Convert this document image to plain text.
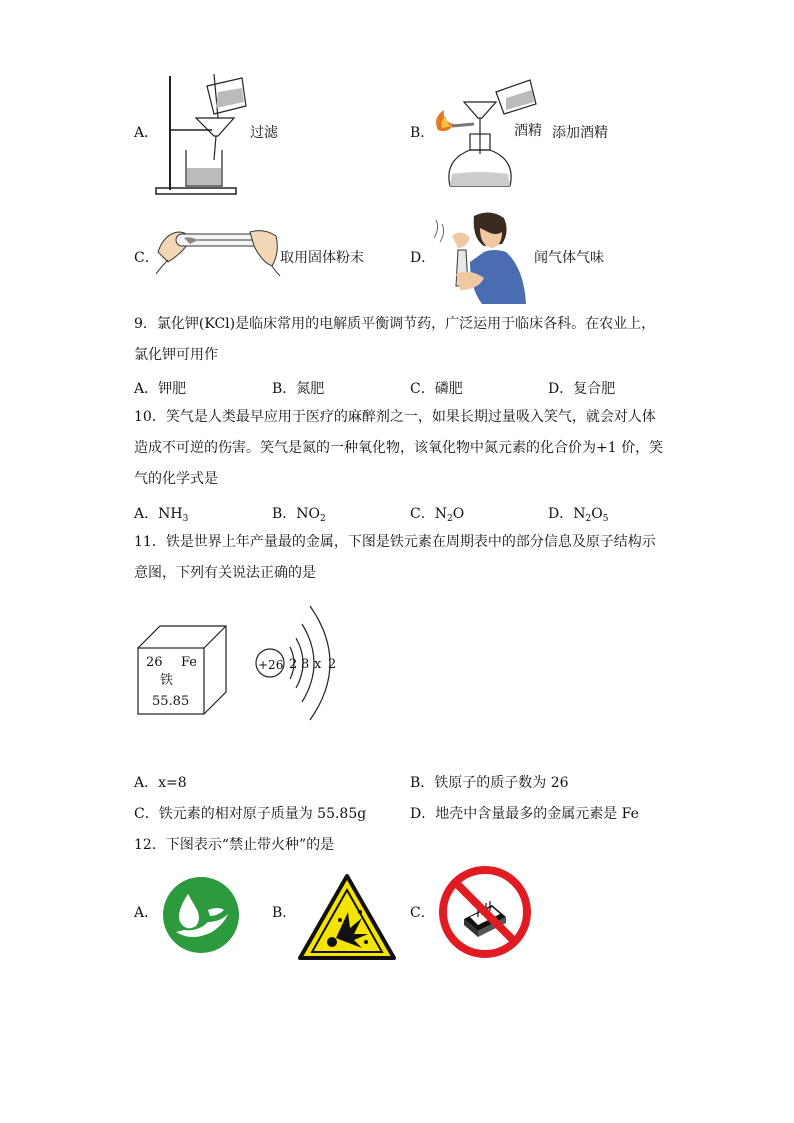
A．	过滤	B．	酒精 添加酒精
C．	取用固体粉末	D．	闻气体气味
9．氯化钾(KCl)是临床常用的电解质平衡调节药，广泛运用于临床各科。在农业上，
氯化钾可用作
A．钾肥	B．氮肥	C．磷肥	D．复合肥
10．笑气是人类最早应用于医疗的麻醉剂之一，如果长期过量吸入笑气，就会对人体
造成不可逆的伤害。笑气是氮的一种氧化物，该氧化物中氮元素的化合价为+1 价，笑
气的化学式是
A．$NH_3$	B．$NO_2$	C．$N_2O$	D．$N_2O_5$
11．铁是世界上年产量最的金属，下图是铁元素在周期表中的部分信息及原子结构示
意图，下列有关说法正确的是
26 Fe
铁
55.85
+26 2 8 x 2
A．x=8	B．铁原子的质子数为 26
C．铁元素的相对原子质量为 55.85g	D．地壳中含量最多的金属元素是 Fe
12．下图表示“禁止带火种”的是
A．	B．	C．
